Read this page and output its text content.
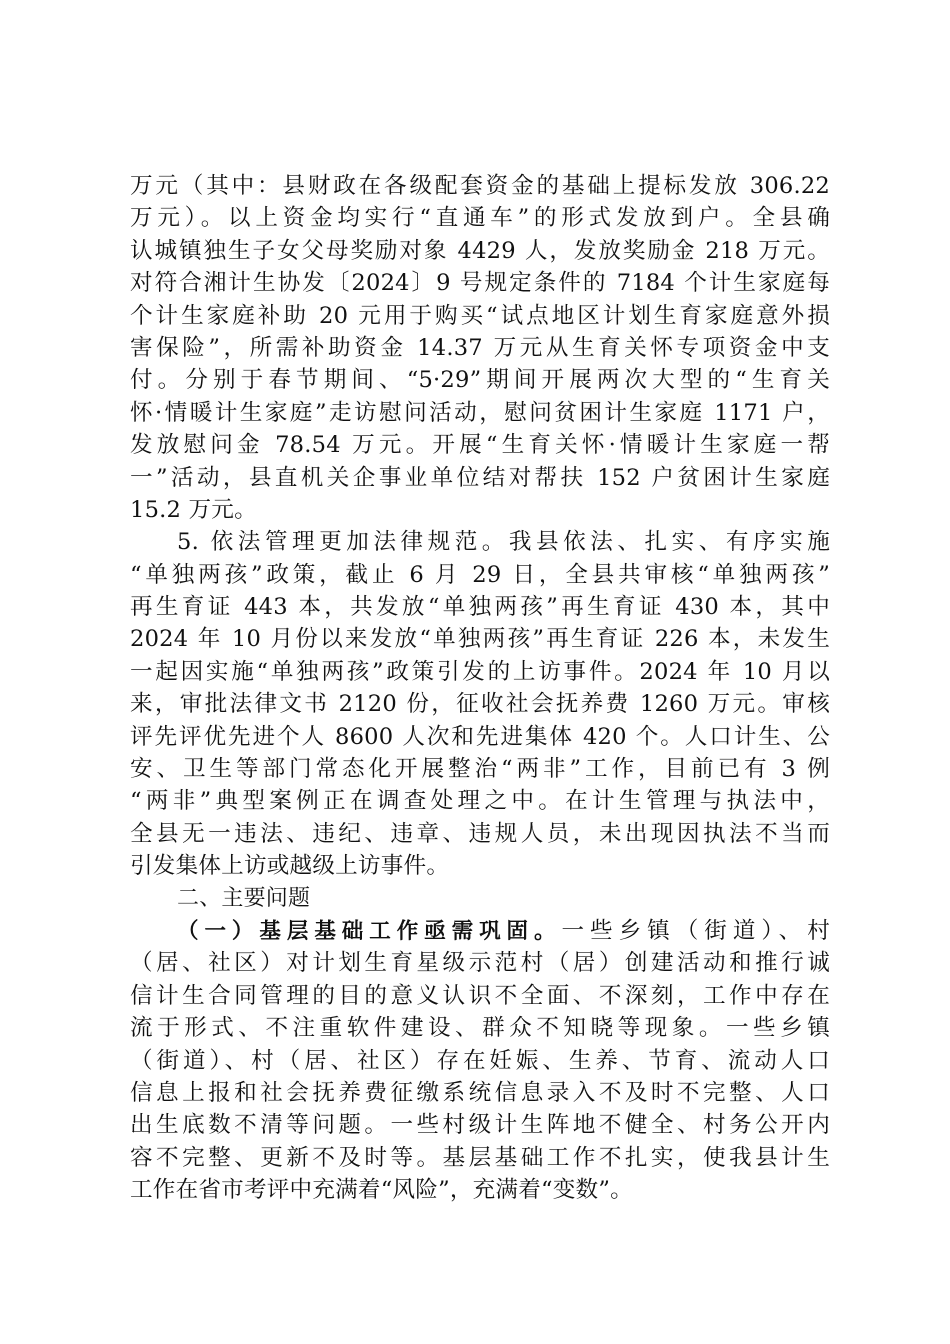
万元（其中：县财政在各级配套资金的基础上提标发放 306.22
万元）。以上资金均实行“直通车”的形式发放到户。全县确
认城镇独生子女父母奖励对象 4429 人，发放奖励金 218 万元。
对符合湘计生协发〔2024〕9 号规定条件的 7184 个计生家庭每
个计生家庭补助 20 元用于购买“试点地区计划生育家庭意外损
害保险”，所需补助资金 14.37 万元从生育关怀专项资金中支
付。分别于春节期间、“5·29”期间开展两次大型的“生育关
怀·情暖计生家庭”走访慰问活动，慰问贫困计生家庭 1171 户，
发放慰问金 78.54 万元。开展“生育关怀·情暖计生家庭一帮
一”活动，县直机关企事业单位结对帮扶 152 户贫困计生家庭
15.2 万元。
5. 依法管理更加法律规范。我县依法、扎实、有序实施
“单独两孩”政策，截止 6 月 29 日，全县共审核“单独两孩”
再生育证 443 本，共发放“单独两孩”再生育证 430 本，其中
2024 年 10 月份以来发放“单独两孩”再生育证 226 本，未发生
一起因实施“单独两孩”政策引发的上访事件。2024 年 10 月以
来，审批法律文书 2120 份，征收社会抚养费 1260 万元。审核
评先评优先进个人 8600 人次和先进集体 420 个。人口计生、公
安、卫生等部门常态化开展整治“两非”工作，目前已有 3 例
“两非”典型案例正在调查处理之中。在计生管理与执法中，
全县无一违法、违纪、违章、违规人员，未出现因执法不当而
引发集体上访或越级上访事件。
二、主要问题
（一）基层基础工作亟需巩固。一些乡镇（街道）、村
（居、社区）对计划生育星级示范村（居）创建活动和推行诚
信计生合同管理的目的意义认识不全面、不深刻，工作中存在
流于形式、不注重软件建设、群众不知晓等现象。一些乡镇
（街道）、村（居、社区）存在妊娠、生养、节育、流动人口
信息上报和社会抚养费征缴系统信息录入不及时不完整、人口
出生底数不清等问题。一些村级计生阵地不健全、村务公开内
容不完整、更新不及时等。基层基础工作不扎实，使我县计生
工作在省市考评中充满着“风险”，充满着“变数”。
